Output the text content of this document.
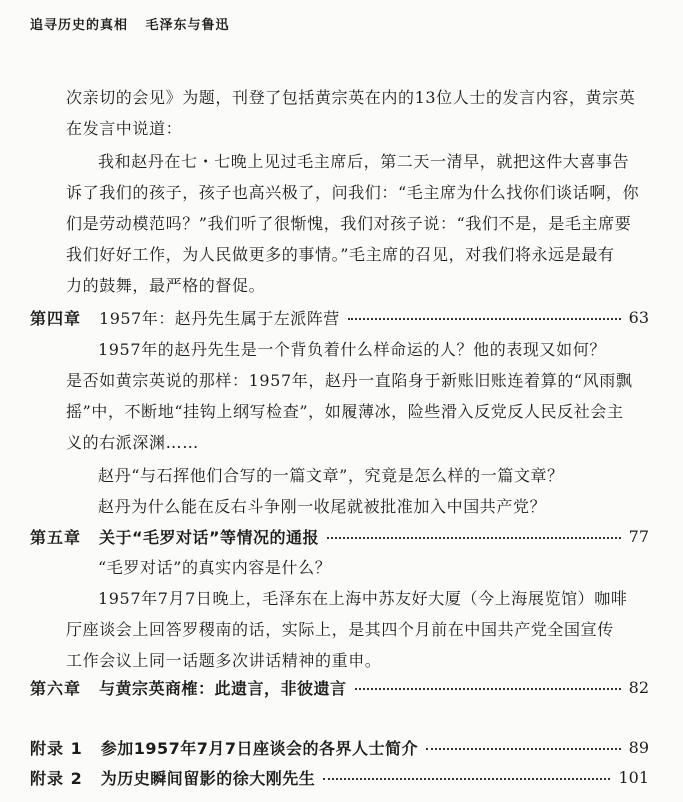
追寻历史的真相 毛泽东与鲁迅
次亲切的会见》为题，刊登了包括黄宗英在内的13位人士的发言内容，黄宗英
在发言中说道：
我和赵丹在七・七晚上见过毛主席后，第二天一清早，就把这件大喜事告
诉了我们的孩子，孩子也高兴极了，问我们：“毛主席为什么找你们谈话啊，你
们是劳动模范吗？”我们听了很惭愧，我们对孩子说：“我们不是，是毛主席要
我们好好工作，为人民做更多的事情。”毛主席的召见，对我们将永远是最有
力的鼓舞，最严格的督促。
第四章 1957年：赵丹先生属于左派阵营	63
1957年的赵丹先生是一个背负着什么样命运的人？他的表现又如何？
是否如黄宗英说的那样：1957年，赵丹一直陷身于新账旧账连着算的“风雨飘
摇”中，不断地“挂钩上纲写检查”，如履薄冰，险些滑入反党反人民反社会主
义的右派深渊……
赵丹“与石挥他们合写的一篇文章”，究竟是怎么样的一篇文章？
赵丹为什么能在反右斗争刚一收尾就被批准加入中国共产党？
第五章 关于“毛罗对话”等情况的通报	77
“毛罗对话”的真实内容是什么？
1957年7月7日晚上，毛泽东在上海中苏友好大厦（今上海展览馆）咖啡
厅座谈会上回答罗稷南的话，实际上，是其四个月前在中国共产党全国宣传
工作会议上同一话题多次讲话精神的重申。
第六章 与黄宗英商榷：此遗言，非彼遗言	82
附录 1 参加1957年7月7日座谈会的各界人士简介	89
附录 2 为历史瞬间留影的徐大刚先生	101
